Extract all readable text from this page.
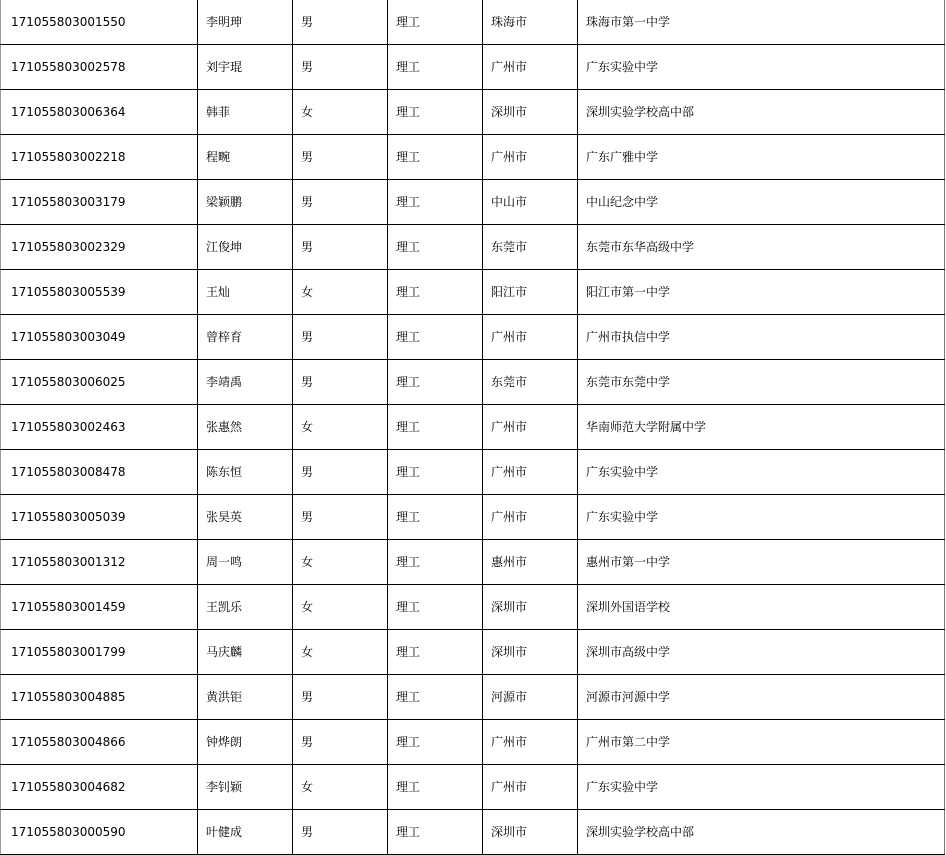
171055803001550	李明珅	男	理工	珠海市	珠海市第一中学
171055803002578	刘宇琨	男	理工	广州市	广东实验中学
171055803006364	韩菲	女	理工	深圳市	深圳实验学校高中部
171055803002218	程畹	男	理工	广州市	广东广雅中学
171055803003179	梁颖鹏	男	理工	中山市	中山纪念中学
171055803002329	江俊坤	男	理工	东莞市	东莞市东华高级中学
171055803005539	王灿	女	理工	阳江市	阳江市第一中学
171055803003049	曾梓育	男	理工	广州市	广州市执信中学
171055803006025	李靖禹	男	理工	东莞市	东莞市东莞中学
171055803002463	张惠然	女	理工	广州市	华南师范大学附属中学
171055803008478	陈东恒	男	理工	广州市	广东实验中学
171055803005039	张昊英	男	理工	广州市	广东实验中学
171055803001312	周一鸣	女	理工	惠州市	惠州市第一中学
171055803001459	王凯乐	女	理工	深圳市	深圳外国语学校
171055803001799	马庆麟	女	理工	深圳市	深圳市高级中学
171055803004885	黄洪钜	男	理工	河源市	河源市河源中学
171055803004866	钟烨朗	男	理工	广州市	广州市第二中学
171055803004682	李钊颖	女	理工	广州市	广东实验中学
171055803000590	叶健成	男	理工	深圳市	深圳实验学校高中部
